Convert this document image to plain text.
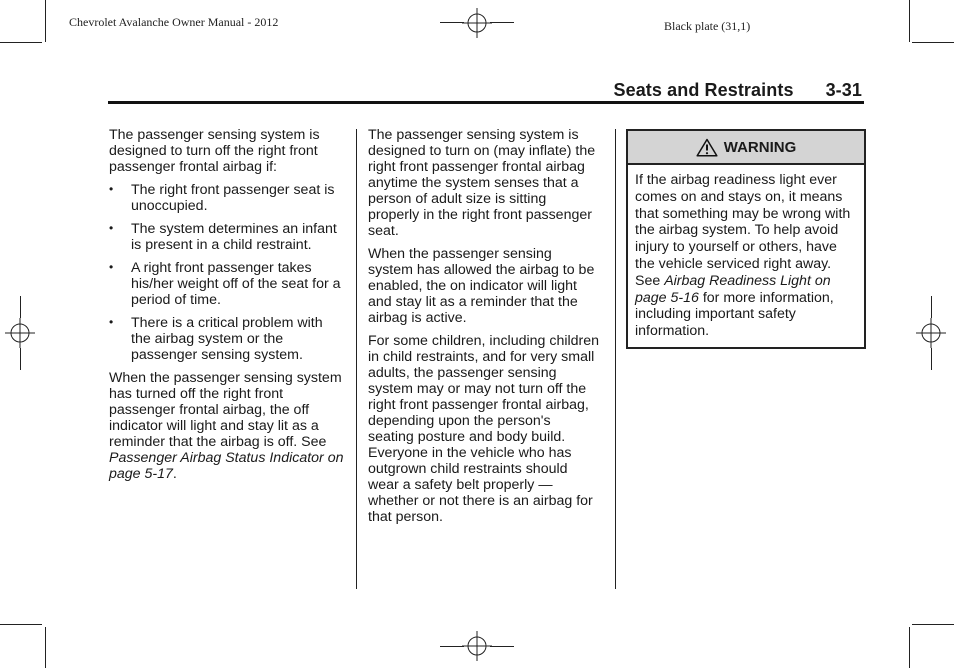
Chevrolet Avalanche Owner Manual - 2012	Black plate (31,1)
Seats and Restraints 3-31

The passenger sensing system is designed to turn off the right front passenger frontal airbag if:

• The right front passenger seat is unoccupied.
• The system determines an infant is present in a child restraint.
• A right front passenger takes his/her weight off of the seat for a period of time.
• There is a critical problem with the airbag system or the passenger sensing system.

When the passenger sensing system has turned off the right front passenger frontal airbag, the off indicator will light and stay lit as a reminder that the airbag is off. See Passenger Airbag Status Indicator on page 5-17.

The passenger sensing system is designed to turn on (may inflate) the right front passenger frontal airbag anytime the system senses that a person of adult size is sitting properly in the right front passenger seat.

When the passenger sensing system has allowed the airbag to be enabled, the on indicator will light and stay lit as a reminder that the airbag is active.

For some children, including children in child restraints, and for very small adults, the passenger sensing system may or may not turn off the right front passenger frontal airbag, depending upon the person's seating posture and body build. Everyone in the vehicle who has outgrown child restraints should wear a safety belt properly — whether or not there is an airbag for that person.

WARNING
If the airbag readiness light ever comes on and stays on, it means that something may be wrong with the airbag system. To help avoid injury to yourself or others, have the vehicle serviced right away. See Airbag Readiness Light on page 5-16 for more information, including important safety information.
